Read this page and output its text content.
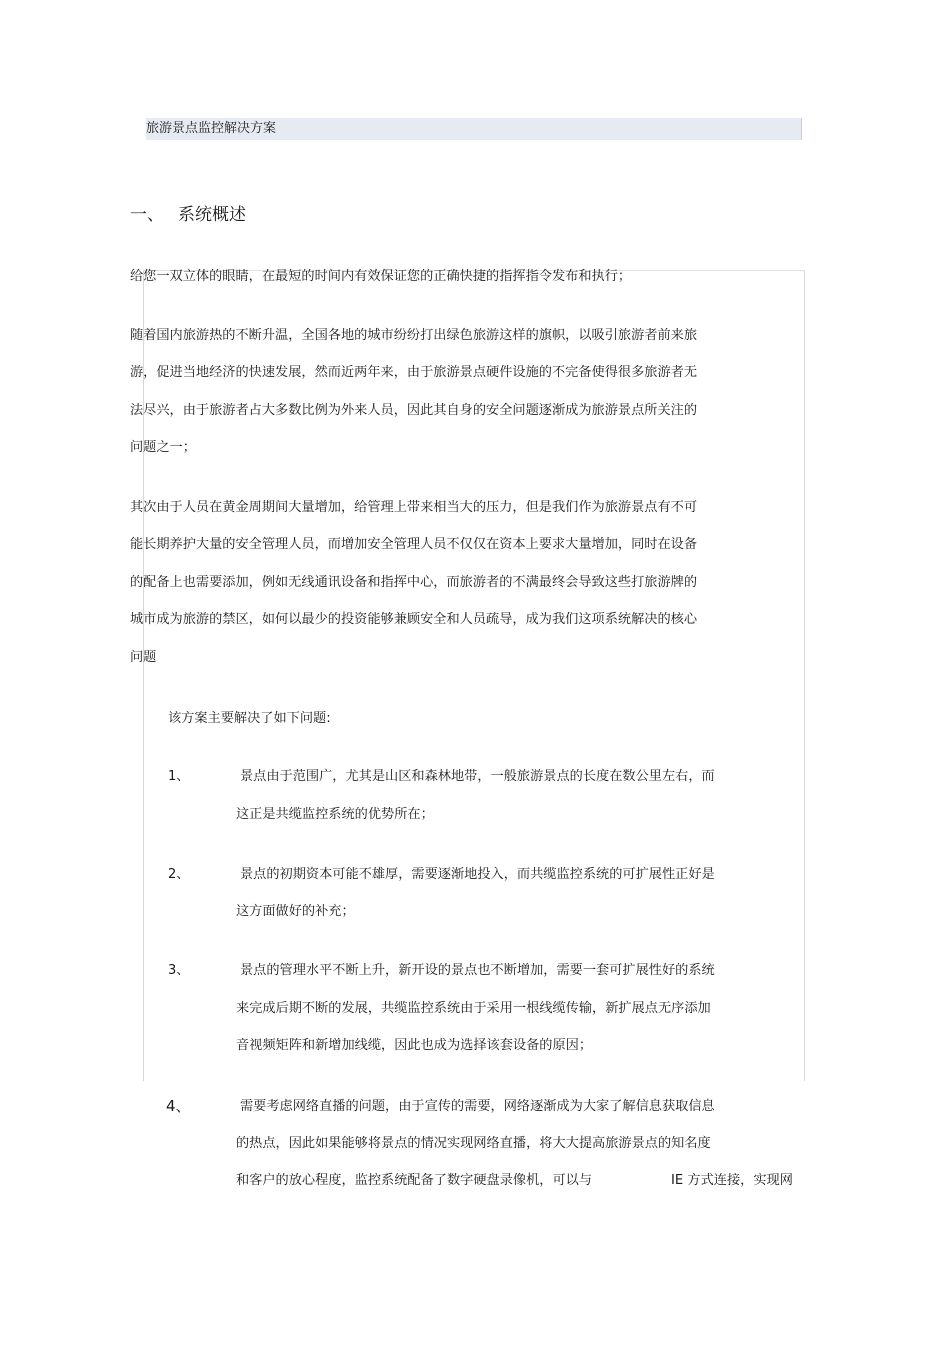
旅游景点监控解决方案
一、 系统概述
给您一双立体的眼睛，在最短的时间内有效保证您的正确快捷的指挥指令发布和执行；
随着国内旅游热的不断升温，全国各地的城市纷纷打出绿色旅游这样的旗帜，以吸引旅游者前来旅
游，促进当地经济的快速发展，然而近两年来，由于旅游景点硬件设施的不完备使得很多旅游者无
法尽兴，由于旅游者占大多数比例为外来人员，因此其自身的安全问题逐渐成为旅游景点所关注的
问题之一；
其次由于人员在黄金周期间大量增加，给管理上带来相当大的压力，但是我们作为旅游景点有不可
能长期养护大量的安全管理人员，而增加安全管理人员不仅仅在资本上要求大量增加，同时在设备
的配备上也需要添加，例如无线通讯设备和指挥中心，而旅游者的不满最终会导致这些打旅游牌的
城市成为旅游的禁区，如何以最少的投资能够兼顾安全和人员疏导，成为我们这项系统解决的核心
问题
该方案主要解决了如下问题:
1、	景点由于范围广，尤其是山区和森林地带，一般旅游景点的长度在数公里左右，而
这正是共缆监控系统的优势所在；
2、	景点的初期资本可能不雄厚，需要逐渐地投入，而共缆监控系统的可扩展性正好是
这方面做好的补充；
3、	景点的管理水平不断上升，新开设的景点也不断增加，需要一套可扩展性好的系统
来完成后期不断的发展，共缆监控系统由于采用一根线缆传输，新扩展点无序添加
音视频矩阵和新增加线缆，因此也成为选择该套设备的原因；
4、	需要考虑网络直播的问题，由于宣传的需要，网络逐渐成为大家了解信息获取信息
的热点，因此如果能够将景点的情况实现网络直播，将大大提高旅游景点的知名度
和客户的放心程度，监控系统配备了数字硬盘录像机，可以与	IE 方式连接，实现网
